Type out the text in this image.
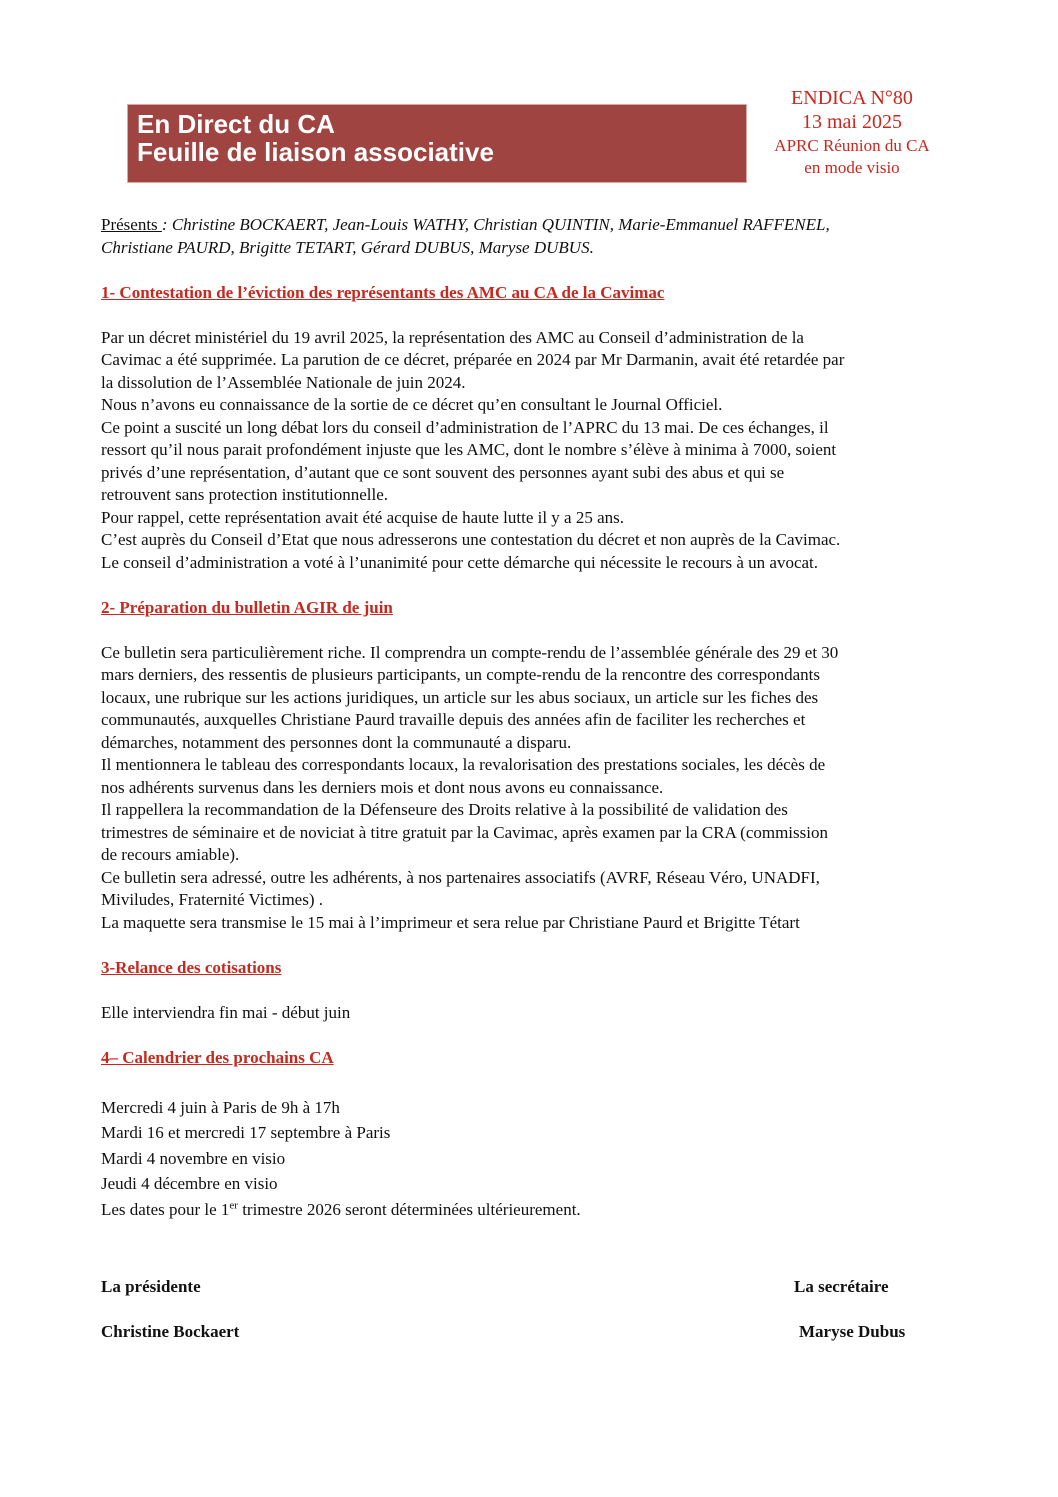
En Direct du CA
Feuille de liaison associative
ENDICA N°80
13 mai 2025
APRC Réunion du CA
en mode visio

Présents : Christine BOCKAERT, Jean-Louis WATHY, Christian QUINTIN, Marie-Emmanuel RAFFENEL,

Christiane PAURD, Brigitte TETART, Gérard DUBUS, Maryse DUBUS.

1- Contestation de l’éviction des représentants des AMC au CA de la Cavimac

Par un décret ministériel du 19 avril 2025, la représentation des AMC au Conseil d’administration de la

Cavimac a été supprimée. La parution de ce décret, préparée en 2024 par Mr Darmanin, avait été retardée par

la dissolution de l’Assemblée Nationale de juin 2024.

Nous n’avons eu connaissance de la sortie de ce décret qu’en consultant le Journal Officiel.

Ce point a suscité un long débat lors du conseil d’administration de l’APRC du 13 mai. De ces échanges, il

ressort qu’il nous parait profondément injuste que les AMC, dont le nombre s’élève à minima à 7000, soient

privés d’une représentation, d’autant que ce sont souvent des personnes ayant subi des abus et qui se

retrouvent sans protection institutionnelle.

Pour rappel, cette représentation avait été acquise de haute lutte il y a 25 ans.

C’est auprès du Conseil d’Etat que nous adresserons une contestation du décret et non auprès de la Cavimac.

Le conseil d’administration a voté à l’unanimité pour cette démarche qui nécessite le recours à un avocat.

2- Préparation du bulletin AGIR de juin

Ce bulletin sera particulièrement riche. Il comprendra un compte-rendu de l’assemblée générale des 29 et 30

mars derniers, des ressentis de plusieurs participants, un compte-rendu de la rencontre des correspondants

locaux, une rubrique sur les actions juridiques, un article sur les abus sociaux, un article sur les fiches des

communautés, auxquelles Christiane Paurd travaille depuis des années afin de faciliter les recherches et

démarches, notamment des personnes dont la communauté a disparu.

Il mentionnera le tableau des correspondants locaux, la revalorisation des prestations sociales, les décès de

nos adhérents survenus dans les derniers mois et dont nous avons eu connaissance.

Il rappellera la recommandation de la Défenseure des Droits relative à la possibilité de validation des

trimestres de séminaire et de noviciat à titre gratuit par la Cavimac, après examen par la CRA (commission

de recours amiable).

Ce bulletin sera adressé, outre les adhérents, à nos partenaires associatifs (AVRF, Réseau Véro, UNADFI,

Miviludes, Fraternité Victimes) .

La maquette sera transmise le 15 mai à l’imprimeur et sera relue par Christiane Paurd et Brigitte Tétart

3-Relance des cotisations

Elle interviendra fin mai - début juin

4– Calendrier des prochains CA

Mercredi 4 juin à Paris de 9h à 17h

Mardi 16 et mercredi 17 septembre à Paris

Mardi 4 novembre en visio

Jeudi 4 décembre en visio

Les dates pour le 1er trimestre 2026 seront déterminées ultérieurement.

La présidente
Christine Bockaert
La secrétaire
Maryse Dubus
